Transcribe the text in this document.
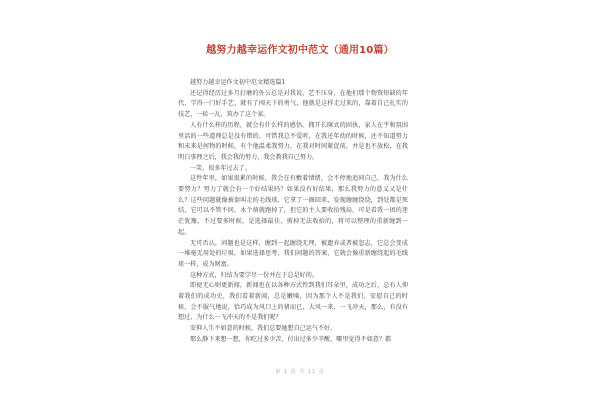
越努力越幸运作文初中范文（通用10篇）

越努力越幸运作文初中范文精选篇1

还记得经历过多月打磨的外公总是对我说，艺不压身，在他们那个物资短缺的年代，学得一门好手艺，就有了闯天下的勇气，他就是这样走过来的，靠着自己扎实的技艺，一砖一瓦，筑办了这个家。

人有什么样的历程，就会有什么样的感悟。拥开长眯式的固执，家人在乎和氛围里活的一些道理总是没有错的，可惜我总不爱听，在我还年幼的时候，还不知道努力和未来是何物的时候，有个他温柔我努力，在我对时间紧促前，并是也不放松，在我明白事理之后，我会我的努力，我会教我自己努力。

一笑，很多年过去了。

这件年里，如果很累的时候，我会在有敷着情绪，会不停地追问自己，我为什么要努力？努力了就会有一个好结果吗？如果没有好结果，那么我努力的意义又是什么？这些问题就像被套叫走的毛线球，它拿了一圈回来，发现缠缠绕绕，到处都是死结，它可以不管不问，永个萌就跑掉了，但它的主人要收拾残局，可是看我一团的迷茫犹豫，不过要多时候，是选择最佳，剪掉无法收拾的，将可以整理的重新缠到一起。

无可否认，问题也是这样，缠到一起缠绕无理，被遗弃或者被忽志，它总会变成一堆毫无用处的垃圾，如果选择思考，我们问题的答案，它就会像重新缠绕起的毛线球一样，成为财富。

这种方式，归结为要学尽一份并在于总是好的。

即使无心则更新闻，新闻也在以各种方式性到我们耳朵里，成功之后，总有人仰着我们的成功史，我们看着新闻，总是嫩嗓，因为那个人不是我们，安慰自己的时候，会不服气地说，恰巧成为风口上的猪而已，大风一来，一飞冲天，那么，有没有想过，为什么一飞冲天的不是我们呢？

安抑人生不如意的时候，我们总要她想自己运气不好。

那么静下来想一想，你吃过多少苦，付出过多少辛酸，哪里觉得不如意？都

第 1 页 共 11 页
